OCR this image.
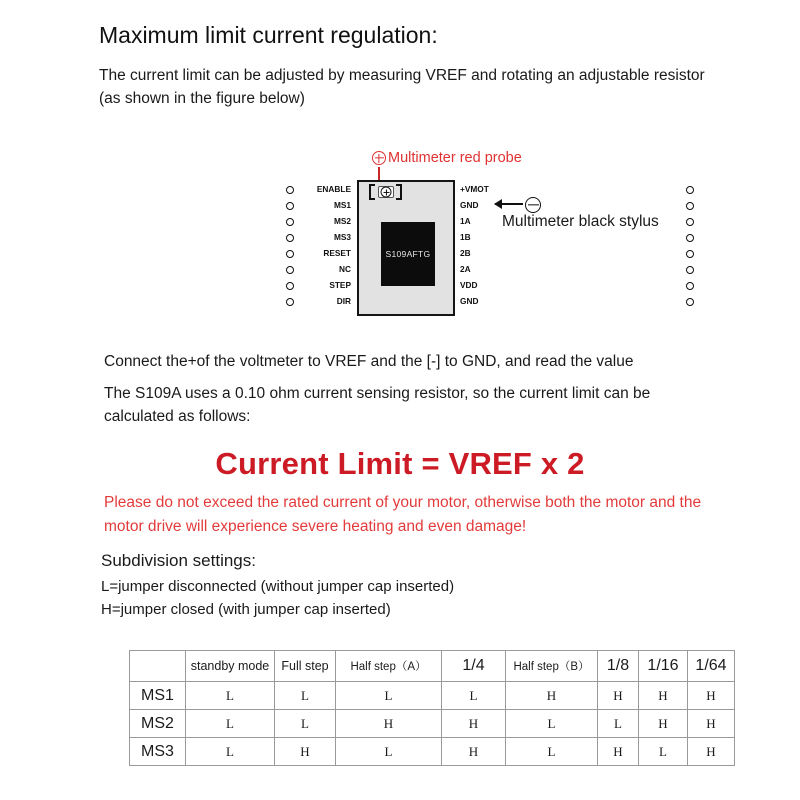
Maximum limit current regulation:
The current limit can be adjusted by measuring VREF and rotating an adjustable resistor (as shown in the figure below)
Multimeter red probe
S109AFTG
Multimeter black stylus
ENABLE
MS1
MS2
MS3
RESET
NC
STEP
DIR
+VMOT
GND
1A
1B
2B
2A
VDD
GND
Connect the+of the voltmeter to VREF and the [-] to GND, and read the value
The S109A uses a 0.10 ohm current sensing resistor, so the current limit can be calculated as follows:
Current Limit = VREF x 2
Please do not exceed the rated current of your motor, otherwise both the motor and the motor drive will experience severe heating and even damage!
Subdivision settings:
L=jumper disconnected (without jumper cap inserted)
H=jumper closed (with jumper cap inserted)
	standby mode	Full step	Half step（A）	1/4	Half step（B）	1/8	1/16	1/64
MS1	L	L	L	L	H	H	H	H
MS2	L	L	H	H	L	L	H	H
MS3	L	H	L	H	L	H	L	H
